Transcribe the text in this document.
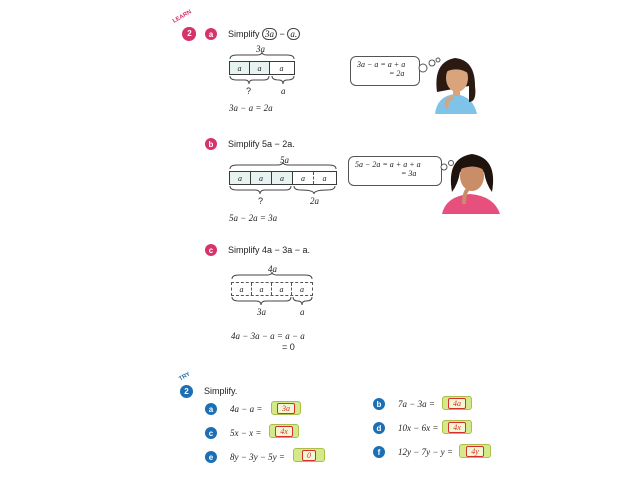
LEARN
2	a	Simplify 3a − a.
3a
a	a	a
?	a
3a − a = 2a
3a − a = a + a
= 2a
b	Simplify 5a − 2a.
5a
a	a	a	a	a
?	2a
5a − 2a = 3a
5a − 2a = a + a + a
= 3a
c	Simplify 4a − 3a − a.
4a
a	a	a	a
3a	a
4a − 3a − a = a − a
= 0
TRY
2	Simplify.
a	4a − a =	3a	b	7a − 3a =	4a
c	5x − x =	4x	d	10x − 6x =	4x
e	8y − 3y − 5y =	0	f	12y − 7y − y =	4y
